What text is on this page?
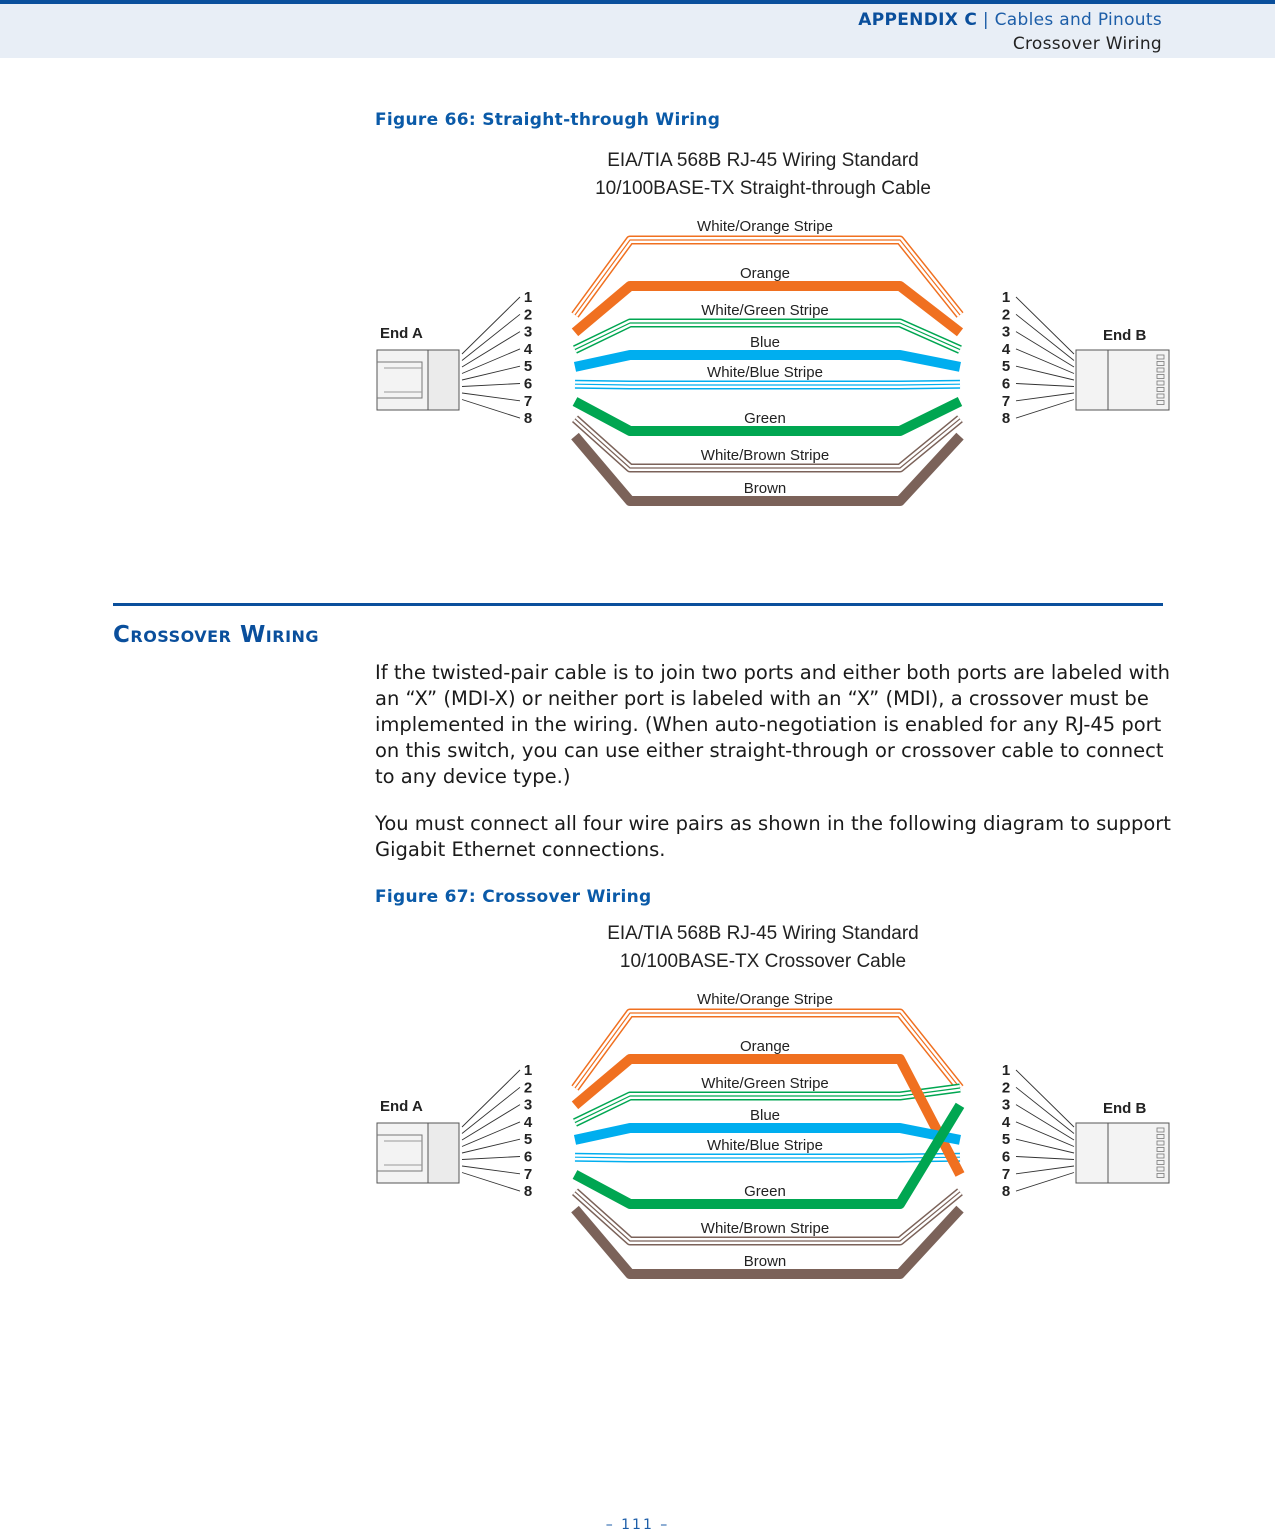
APPENDIX C | Cables and Pinouts
Crossover Wiring
Figure 66: Straight-through Wiring
EIA/TIA 568B RJ-45 Wiring Standard
10/100BASE-TX Straight-through Cable
White/Orange Stripe
Orange
White/Green Stripe
Blue
White/Blue Stripe
Green
White/Brown Stripe
Brown
1	1
2	2
3	3
4	4
5	5
6	6
7	7
8	8
End A	End B
Crossover Wiring
If the twisted-pair cable is to join two ports and either both ports are labeled with an “X” (MDI-X) or neither port is labeled with an “X” (MDI), a crossover must be implemented in the wiring. (When auto-negotiation is enabled for any RJ-45 port on this switch, you can use either straight-through or crossover cable to connect to any device type.)
You must connect all four wire pairs as shown in the following diagram to support Gigabit Ethernet connections.
Figure 67: Crossover Wiring
EIA/TIA 568B RJ-45 Wiring Standard
10/100BASE-TX Crossover Cable
White/Orange Stripe
Orange
White/Green Stripe
Blue
White/Blue Stripe
Green
White/Brown Stripe
Brown
1	1
2	2
3	3
4	4
5	5
6	6
7	7
8	8
End A	End B
– 111 –
